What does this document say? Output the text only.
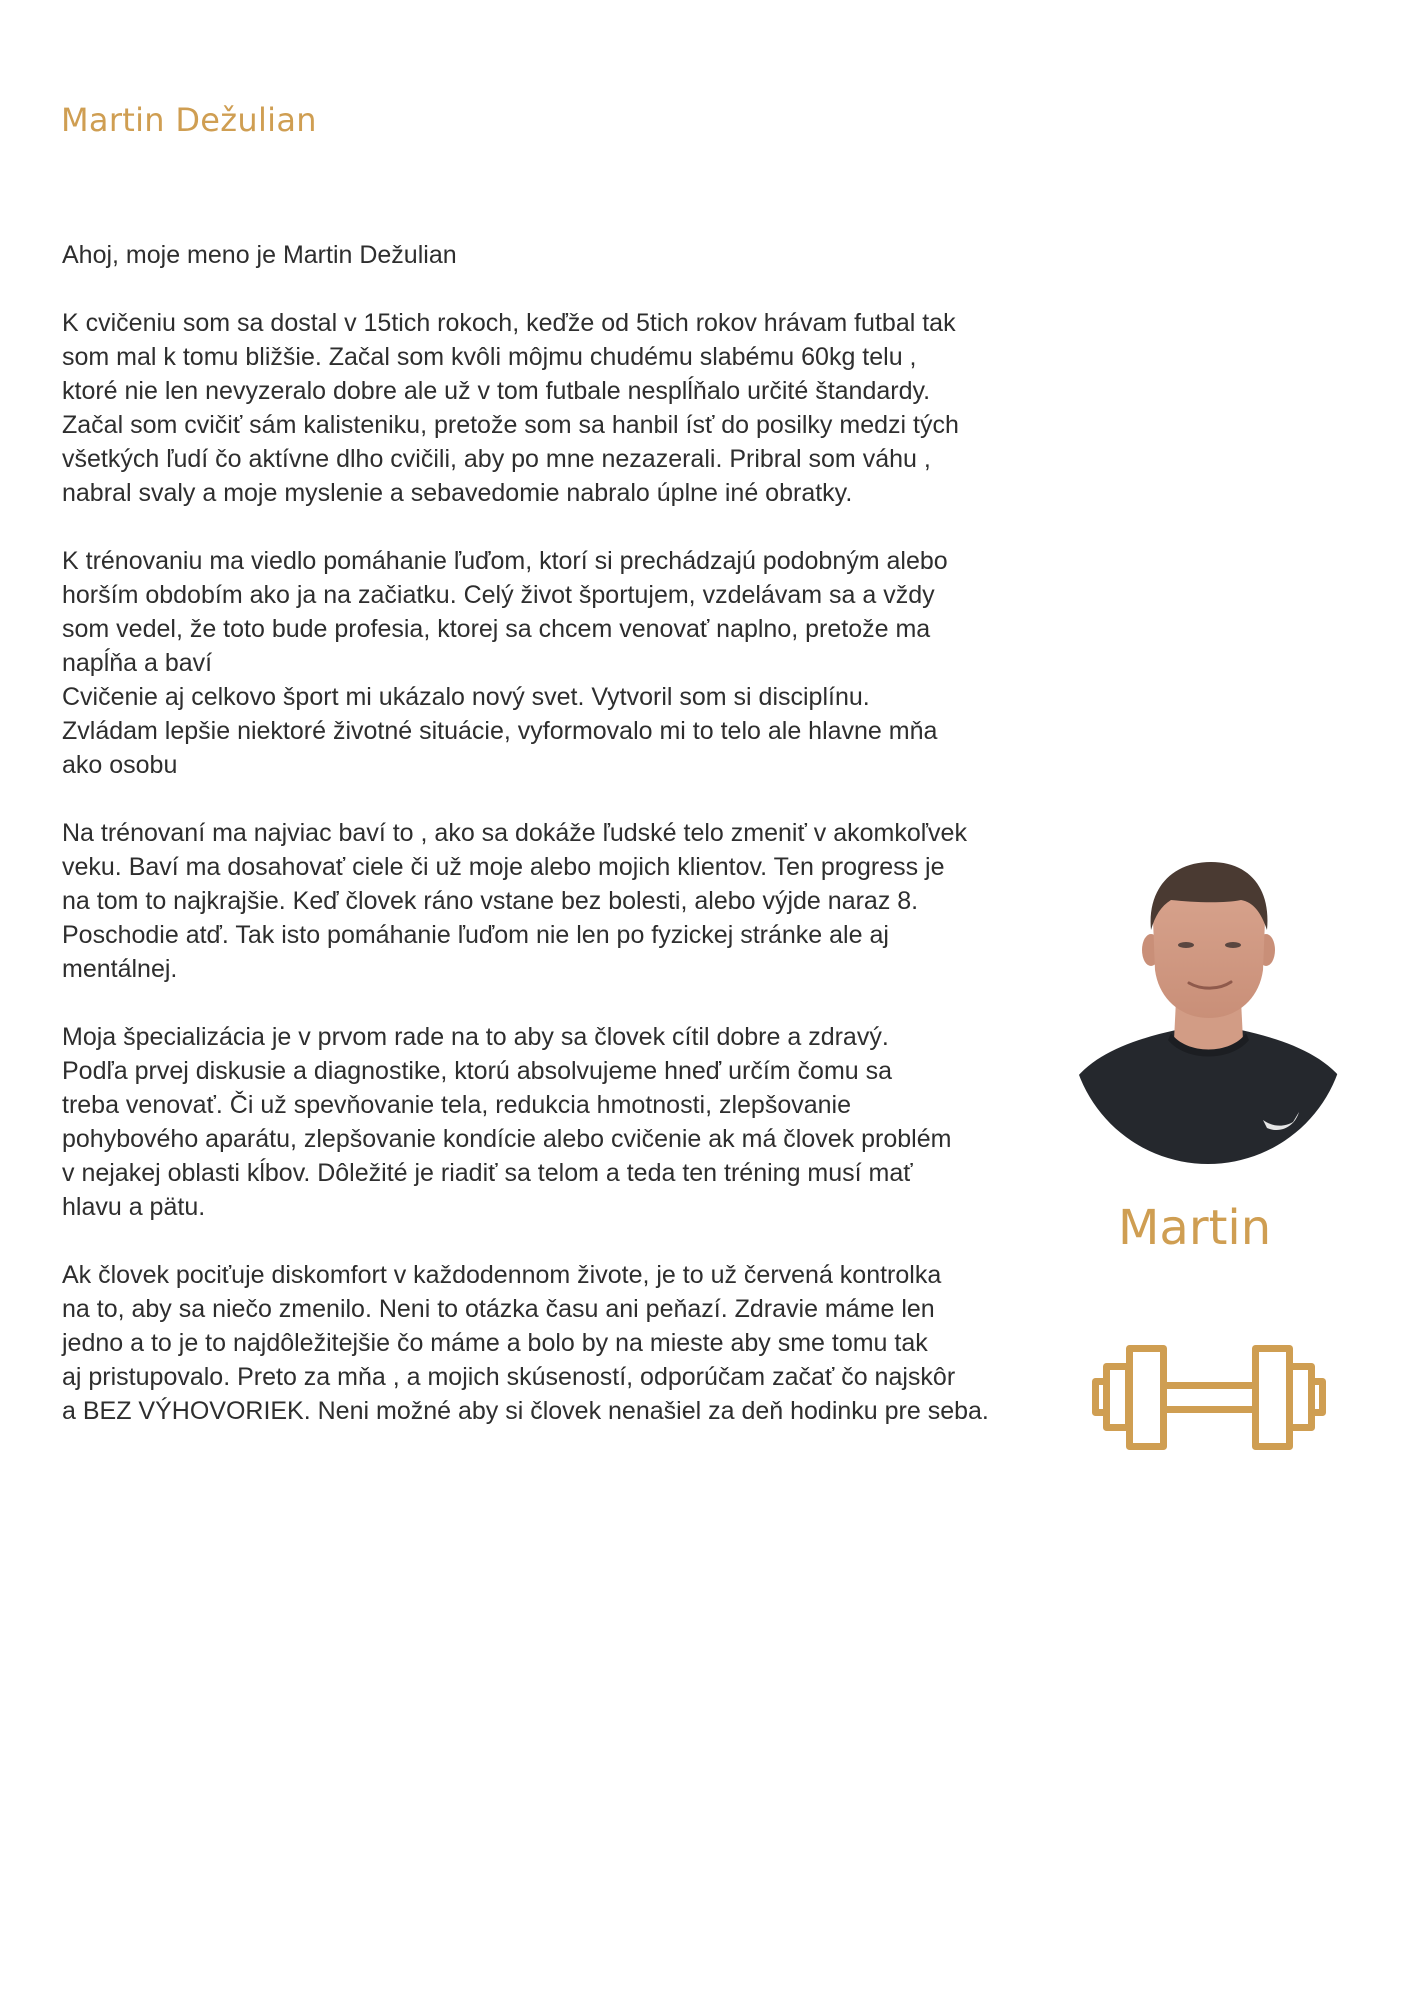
Martin Dežulian

Ahoj, moje meno je Martin Dežulian

K cvičeniu som sa dostal v 15tich rokoch, keďže od 5tich rokov hrávam futbal tak
som mal k tomu bližšie. Začal som kvôli môjmu chudému slabému 60kg telu ,
ktoré nie len nevyzeralo dobre ale už v tom futbale nesplĺňalo určité štandardy.
Začal som cvičiť sám kalisteniku, pretože som sa hanbil ísť do posilky medzi tých
všetkých ľudí čo aktívne dlho cvičili, aby po mne nezazerali. Pribral som váhu ,
nabral svaly a moje myslenie a sebavedomie nabralo úplne iné obratky.

K trénovaniu ma viedlo pomáhanie ľuďom, ktorí si prechádzajú podobným alebo
horším obdobím ako ja na začiatku. Celý život športujem, vzdelávam sa a vždy
som vedel, že toto bude profesia, ktorej sa chcem venovať naplno, pretože ma
napĺňa a baví
Cvičenie aj celkovo šport mi ukázalo nový svet. Vytvoril som si disciplínu.
Zvládam lepšie niektoré životné situácie, vyformovalo mi to telo ale hlavne mňa
ako osobu

Na trénovaní ma najviac baví to , ako sa dokáže ľudské telo zmeniť v akomkoľvek
veku. Baví ma dosahovať ciele či už moje alebo mojich klientov. Ten progress je
na tom to najkrajšie. Keď človek ráno vstane bez bolesti, alebo výjde naraz 8.
Poschodie atď. Tak isto pomáhanie ľuďom nie len po fyzickej stránke ale aj
mentálnej.

Moja špecializácia je v prvom rade na to aby sa človek cítil dobre a zdravý.
Podľa prvej diskusie a diagnostike, ktorú absolvujeme hneď určím čomu sa
treba venovať. Či už spevňovanie tela, redukcia hmotnosti, zlepšovanie
pohybového aparátu, zlepšovanie kondície alebo cvičenie ak má človek problém
v nejakej oblasti kĺbov. Dôležité je riadiť sa telom a teda ten tréning musí mať
hlavu a pätu.

Ak človek pociťuje diskomfort v každodennom živote, je to už červená kontrolka
na to, aby sa niečo zmenilo. Neni to otázka času ani peňazí. Zdravie máme len
jedno a to je to najdôležitejšie čo máme a bolo by na mieste aby sme tomu tak
aj pristupovalo. Preto za mňa , a mojich skúseností, odporúčam začať čo najskôr
a BEZ VÝHOVORIEK. Neni možné aby si človek nenašiel za deň hodinku pre seba.

Martin
